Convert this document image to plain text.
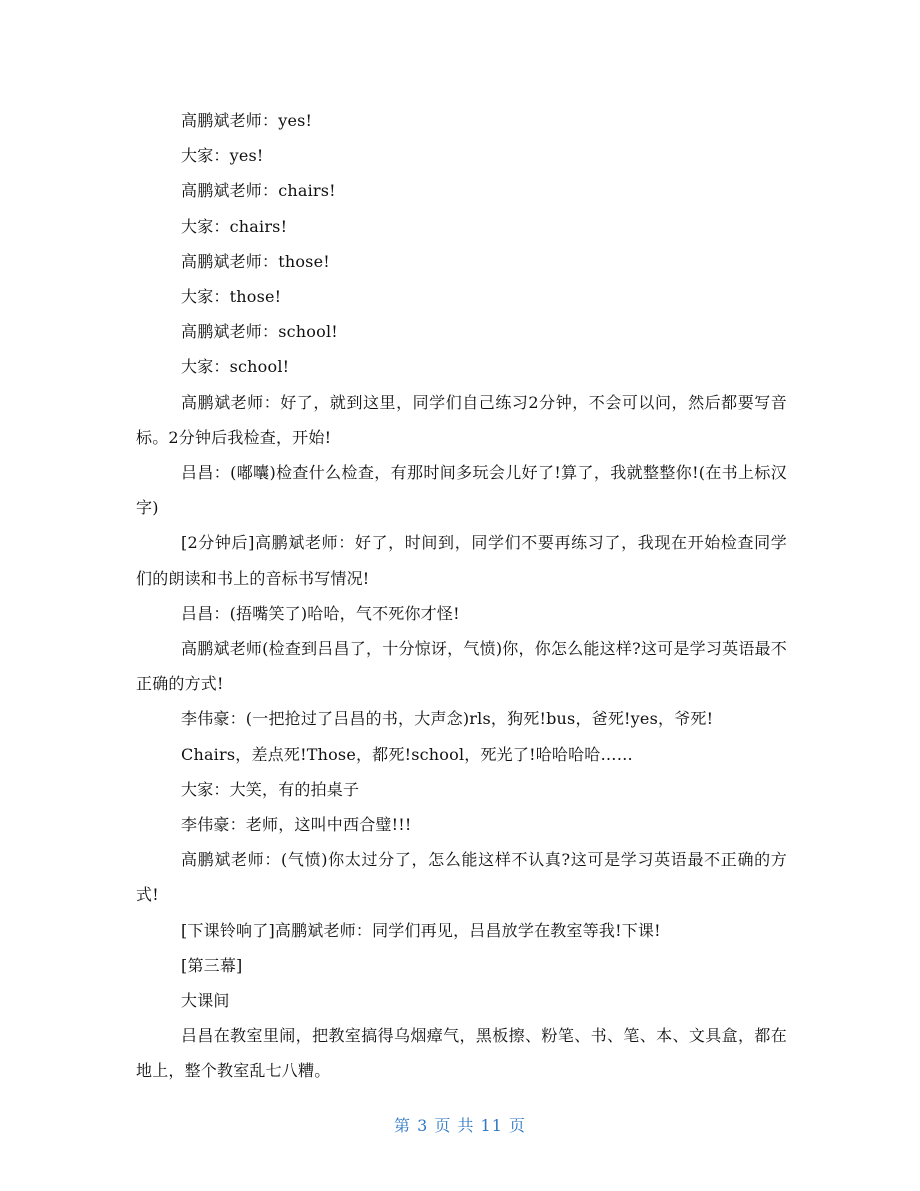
高鹏斌老师：yes!

大家：yes!

高鹏斌老师：chairs!

大家：chairs!

高鹏斌老师：those!

大家：those!

高鹏斌老师：school!

大家：school!

高鹏斌老师：好了，就到这里，同学们自己练习2分钟，不会可以问，然后都要写音标。2分钟后我检查，开始!

吕昌：(嘟囔)检查什么检查，有那时间多玩会儿好了!算了，我就整整你!(在书上标汉字)

[2分钟后]高鹏斌老师：好了，时间到，同学们不要再练习了，我现在开始检查同学们的朗读和书上的音标书写情况!

吕昌：(捂嘴笑了)哈哈，气不死你才怪!

高鹏斌老师(检查到吕昌了，十分惊讶，气愤)你，你怎么能这样?这可是学习英语最不正确的方式!

李伟豪：(一把抢过了吕昌的书，大声念)rls，狗死!bus，爸死!yes，爷死!

Chairs，差点死!Those，都死!school，死光了!哈哈哈哈……

大家：大笑，有的拍桌子

李伟豪：老师，这叫中西合璧!!!

高鹏斌老师：(气愤)你太过分了，怎么能这样不认真?这可是学习英语最不正确的方式!

[下课铃响了]高鹏斌老师：同学们再见，吕昌放学在教室等我!下课!

[第三幕]

大课间

吕昌在教室里闹，把教室搞得乌烟瘴气，黑板擦、粉笔、书、笔、本、文具盒，都在地上，整个教室乱七八糟。

第 3 页 共 11 页
